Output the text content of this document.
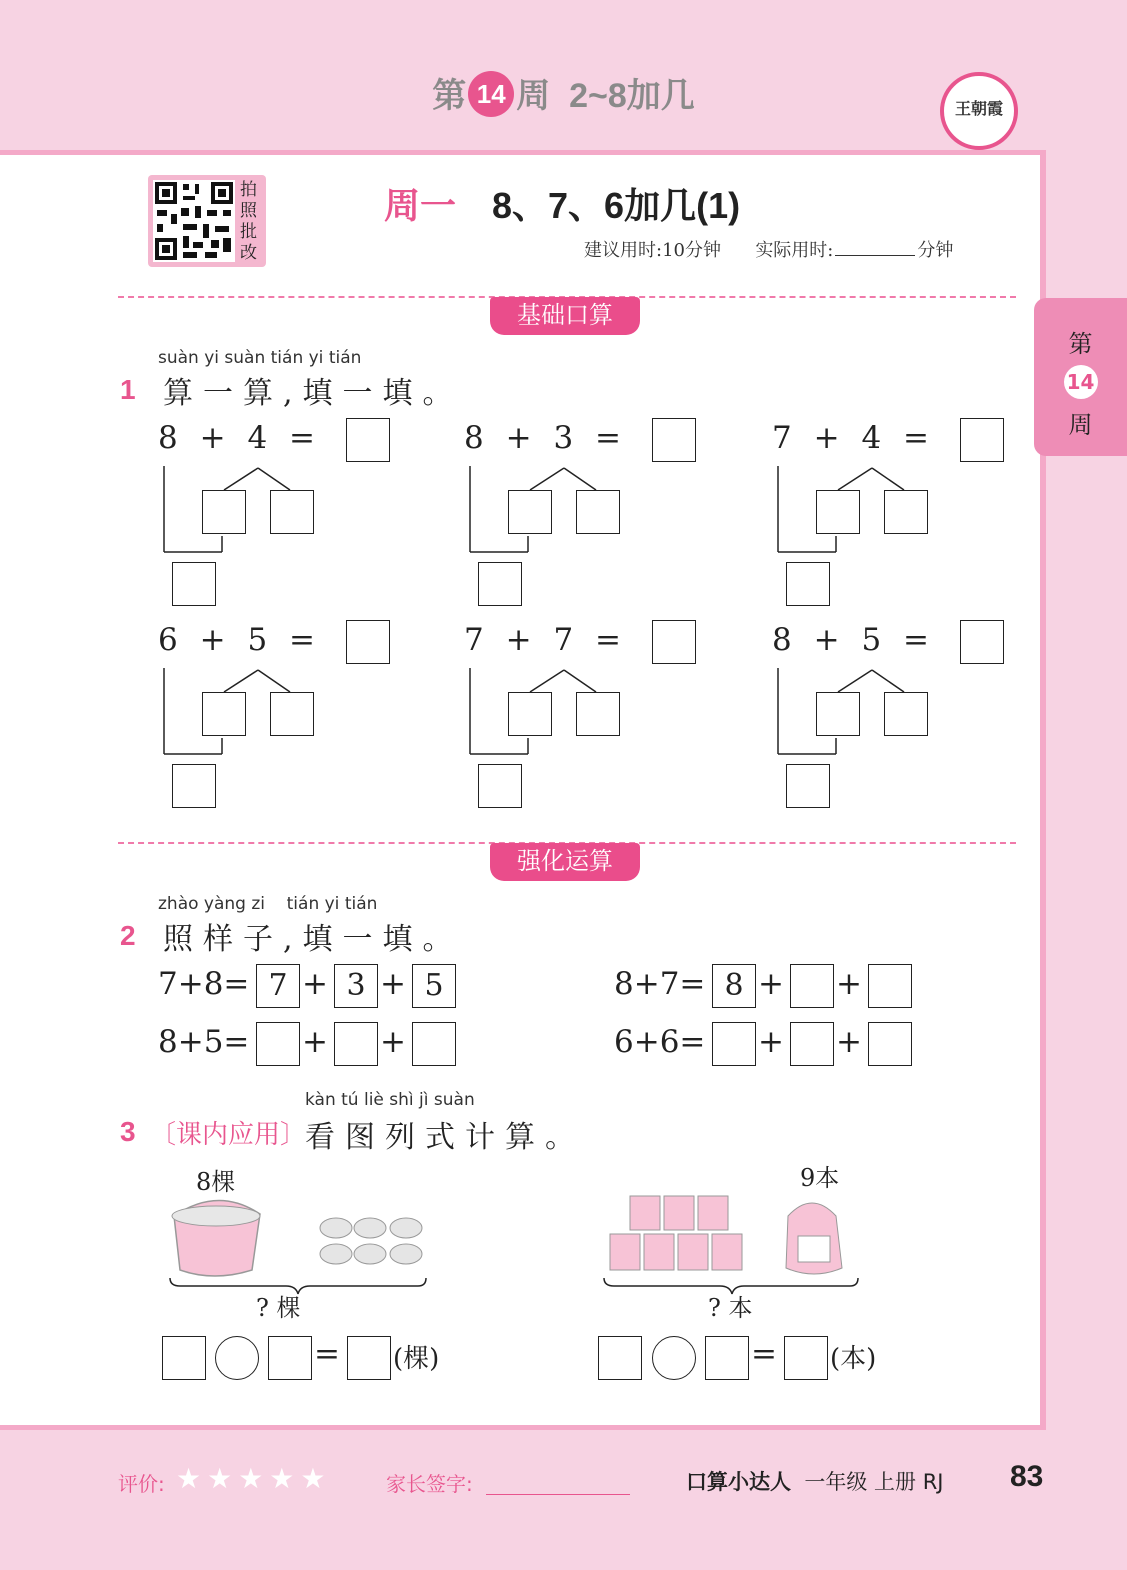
第 14 周 2~8加几	王朝霞
第
14
周
拍
照
批
改
周一 8、7、6加几(1)
建议用时:10分钟 实际用时:	分钟
基础口算
suàn yi suàn tián yi tián
1 算一算,填一填。
8 + 4 =	8 + 3 =	7 + 4 =
6 + 5 =	7 + 7 =	8 + 5 =
强化运算
zhào yàng zi tián yi tián
2 照样子,填一填。
7+8= 7 + 3 + 5	8+7= 8 + +
8+5= + +	6+6= + +
kàn tú liè shì jì suàn
3 〔课内应用〕
看图列式计算。
8棵
? 棵
9本
? 本
= (棵)	= (本)
评价: ★★★★★	家长签字:	口算小达人 一年级 上册 RJ 83
